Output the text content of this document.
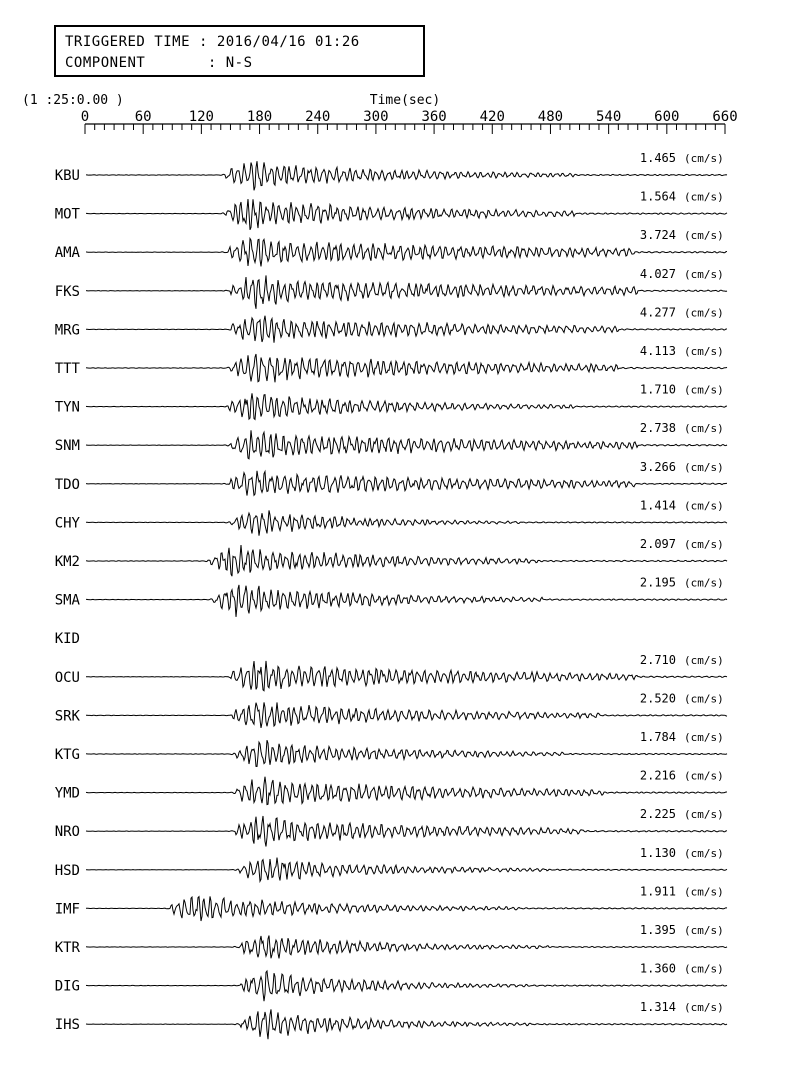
TRIGGERED TIME : 2016/04/16 01:26
COMPONENT       : N-S
(1 :25:0.00 )	Time(sec)
0	60	120 180 240 300 360 420 480 540 600 660
KBU
1.465 (cm/s)
MOT
1.564 (cm/s)
AMA
3.724 (cm/s)
FKS
4.027 (cm/s)
MRG
4.277 (cm/s)
TTT
4.113 (cm/s)
TYN
1.710 (cm/s)
SNM
2.738 (cm/s)
TDO
3.266 (cm/s)
CHY
1.414 (cm/s)
KM2
2.097 (cm/s)
SMA
2.195 (cm/s)
KID
OCU
2.710 (cm/s)
SRK
2.520 (cm/s)
KTG
1.784 (cm/s)
YMD
2.216 (cm/s)
NRO
2.225 (cm/s)
HSD
1.130 (cm/s)
IMF
1.911 (cm/s)
KTR
1.395 (cm/s)
DIG
1.360 (cm/s)
IHS
1.314 (cm/s)
